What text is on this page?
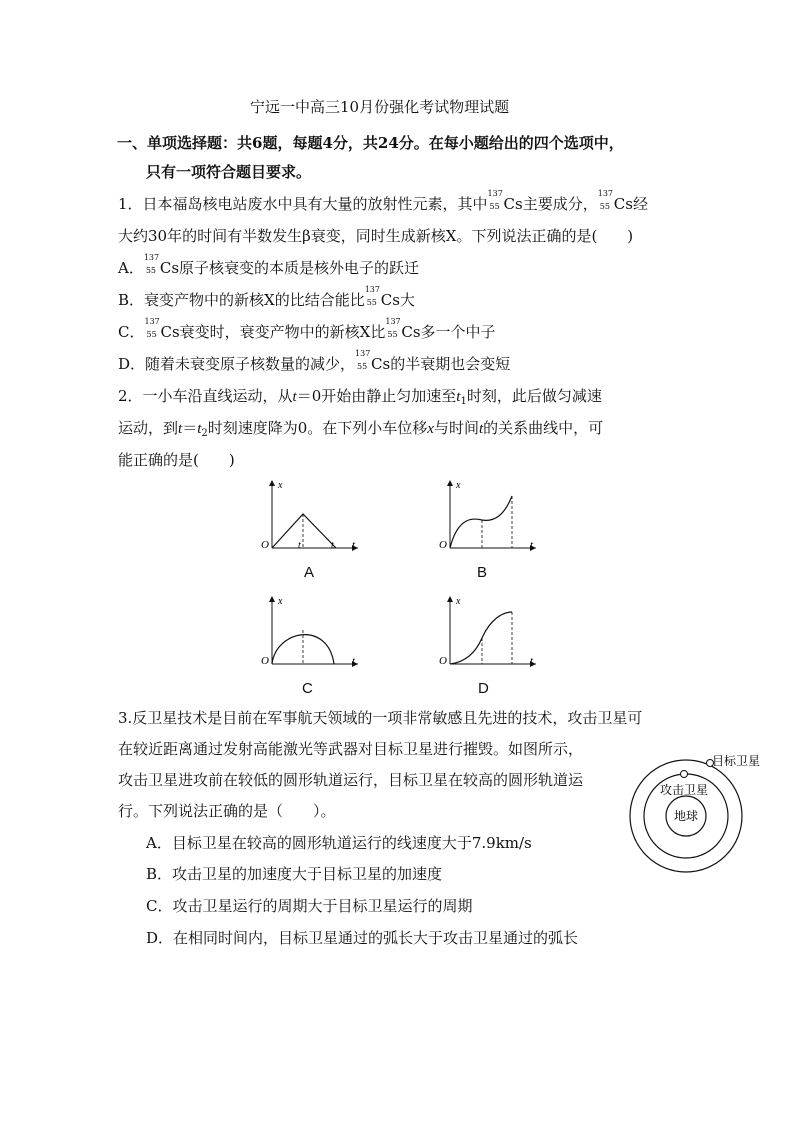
宁远一中高三10月份强化考试物理试题
一、单项选择题：共6题，每题4分，共24分。在每小题给出的四个选项中，
只有一项符合题目要求。
1．日本福岛核电站废水中具有大量的放射性元素，其中
137
55 Cs主要成分，
137
55 Cs经
大约30年的时间有半数发生β衰变，同时生成新核X。下列说法正确的是(　　)
A．
137
55 Cs原子核衰变的本质是核外电子的跃迁
B．衰变产物中的新核X的比结合能比
137
55 Cs大
C．
137
55 Cs衰变时，衰变产物中的新核X比
137
55 Cs多一个中子
D．随着未衰变原子核数量的减少，
137
55 Cs的半衰期也会变短
2．一小车沿直线运动，从t＝0开始由静止匀加速至$t_1$时刻，此后做匀减速
运动，到$t=t_2$时刻速度降为0。在下列小车位移x与时间t的关系曲线中，可
能正确的是(　　)
x
O	t
t	t
A
x
O	t
B
x
O	t
C
x
O	t
D
3.反卫星技术是目前在军事航天领域的一项非常敏感且先进的技术，攻击卫星可
在较近距离通过发射高能激光等武器对目标卫星进行摧毁。如图所示，
攻击卫星进攻前在较低的圆形轨道运行，目标卫星在较高的圆形轨道运
行。下列说法正确的是（　　）。
A．目标卫星在较高的圆形轨道运行的线速度大于7.9km/s
B．攻击卫星的加速度大于目标卫星的加速度
C．攻击卫星运行的周期大于目标卫星运行的周期
D．在相同时间内，目标卫星通过的弧长大于攻击卫星通过的弧长
目标卫星
攻击卫星
地球
